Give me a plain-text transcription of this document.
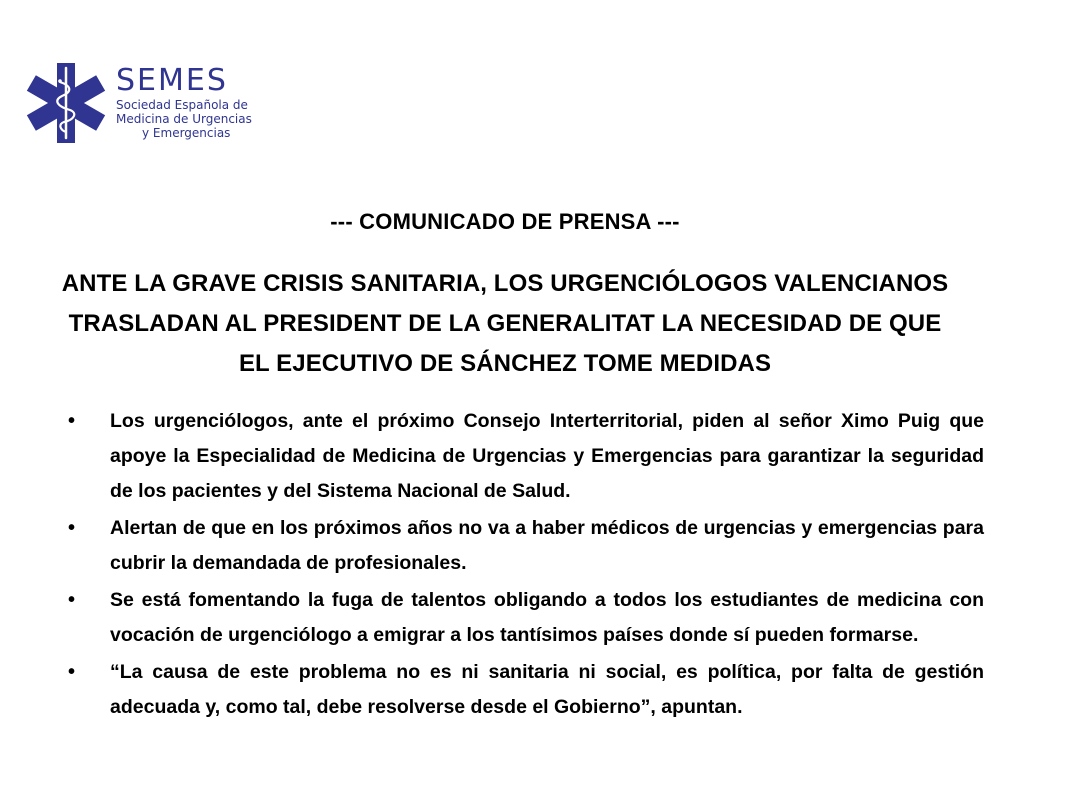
SEMES
Sociedad Española de
Medicina de Urgencias
y Emergencias
--- COMUNICADO DE PRENSA ---
ANTE LA GRAVE CRISIS SANITARIA, LOS URGENCIÓLOGOS VALENCIANOS
TRASLADAN AL PRESIDENT DE LA GENERALITAT LA NECESIDAD DE QUE
EL EJECUTIVO DE SÁNCHEZ TOME MEDIDAS
• Los urgenciólogos, ante el próximo Consejo Interterritorial, piden al señor Ximo Puig que apoye la Especialidad de Medicina de Urgencias y Emergencias para garantizar la seguridad de los pacientes y del Sistema Nacional de Salud.
• Alertan de que en los próximos años no va a haber médicos de urgencias y emergencias para cubrir la demandada de profesionales.
• Se está fomentando la fuga de talentos obligando a todos los estudiantes de medicina con vocación de urgenciólogo a emigrar a los tantísimos países donde sí pueden formarse.
• “La causa de este problema no es ni sanitaria ni social, es política, por falta de gestión adecuada y, como tal, debe resolverse desde el Gobierno”, apuntan.
